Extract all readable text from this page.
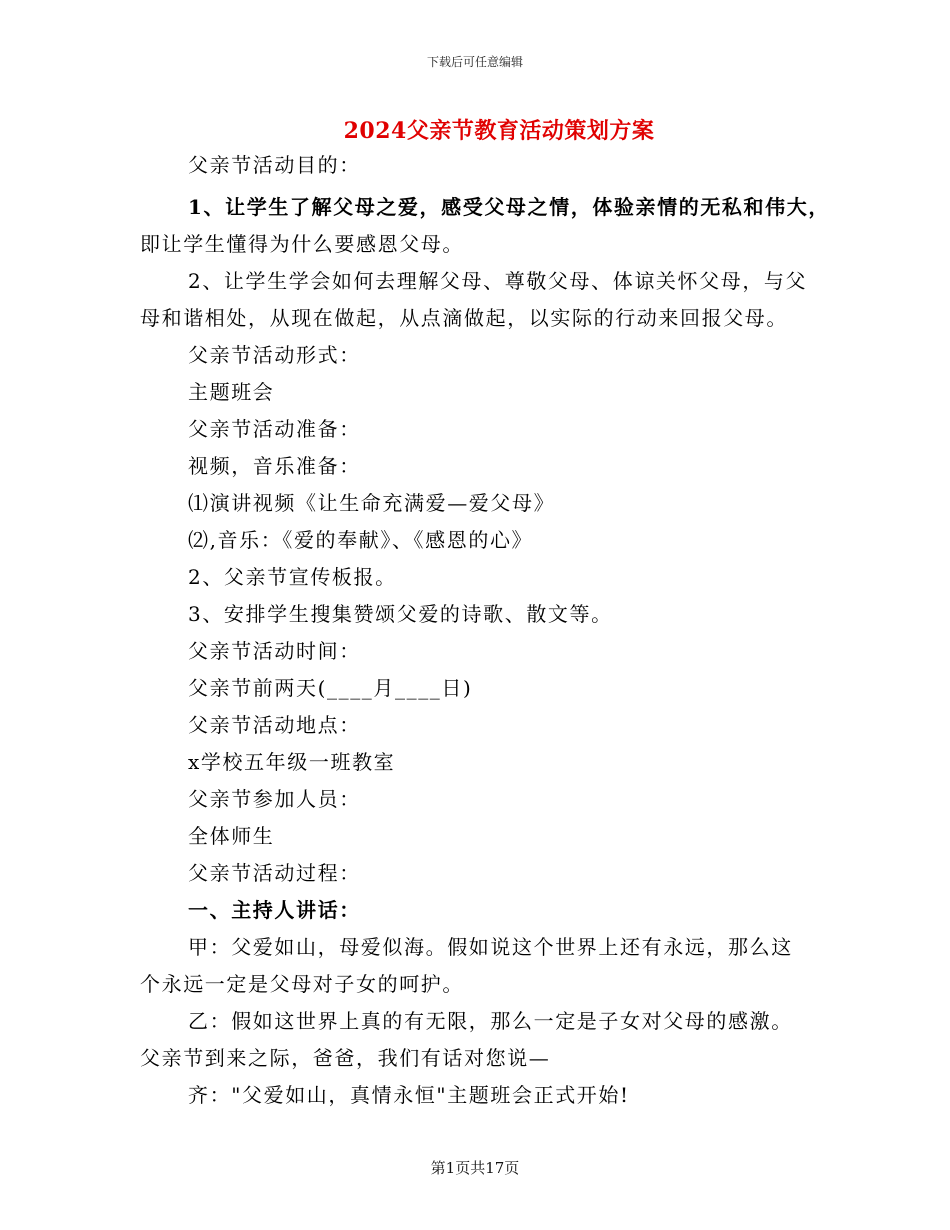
下载后可任意编辑
2024父亲节教育活动策划方案
父亲节活动目的：
1、让学生了解父母之爱，感受父母之情，体验亲情的无私和伟大，
即让学生懂得为什么要感恩父母。
2、让学生学会如何去理解父母、尊敬父母、体谅关怀父母，与父
母和谐相处，从现在做起，从点滴做起，以实际的行动来回报父母。
父亲节活动形式：
主题班会
父亲节活动准备：
视频，音乐准备：
⑴演讲视频《让生命充满爱—爱父母》
⑵,音乐：《爱的奉献》、《感恩的心》
2、父亲节宣传板报。
3、安排学生搜集赞颂父爱的诗歌、散文等。
父亲节活动时间：
父亲节前两天(____月____日)
父亲节活动地点：
x学校五年级一班教室
父亲节参加人员：
全体师生
父亲节活动过程：
一、主持人讲话：
甲：父爱如山，母爱似海。假如说这个世界上还有永远，那么这
个永远一定是父母对子女的呵护。
乙：假如这世界上真的有无限，那么一定是子女对父母的感激。
父亲节到来之际，爸爸，我们有话对您说—
齐："父爱如山，真情永恒"主题班会正式开始!
第1页共17页
